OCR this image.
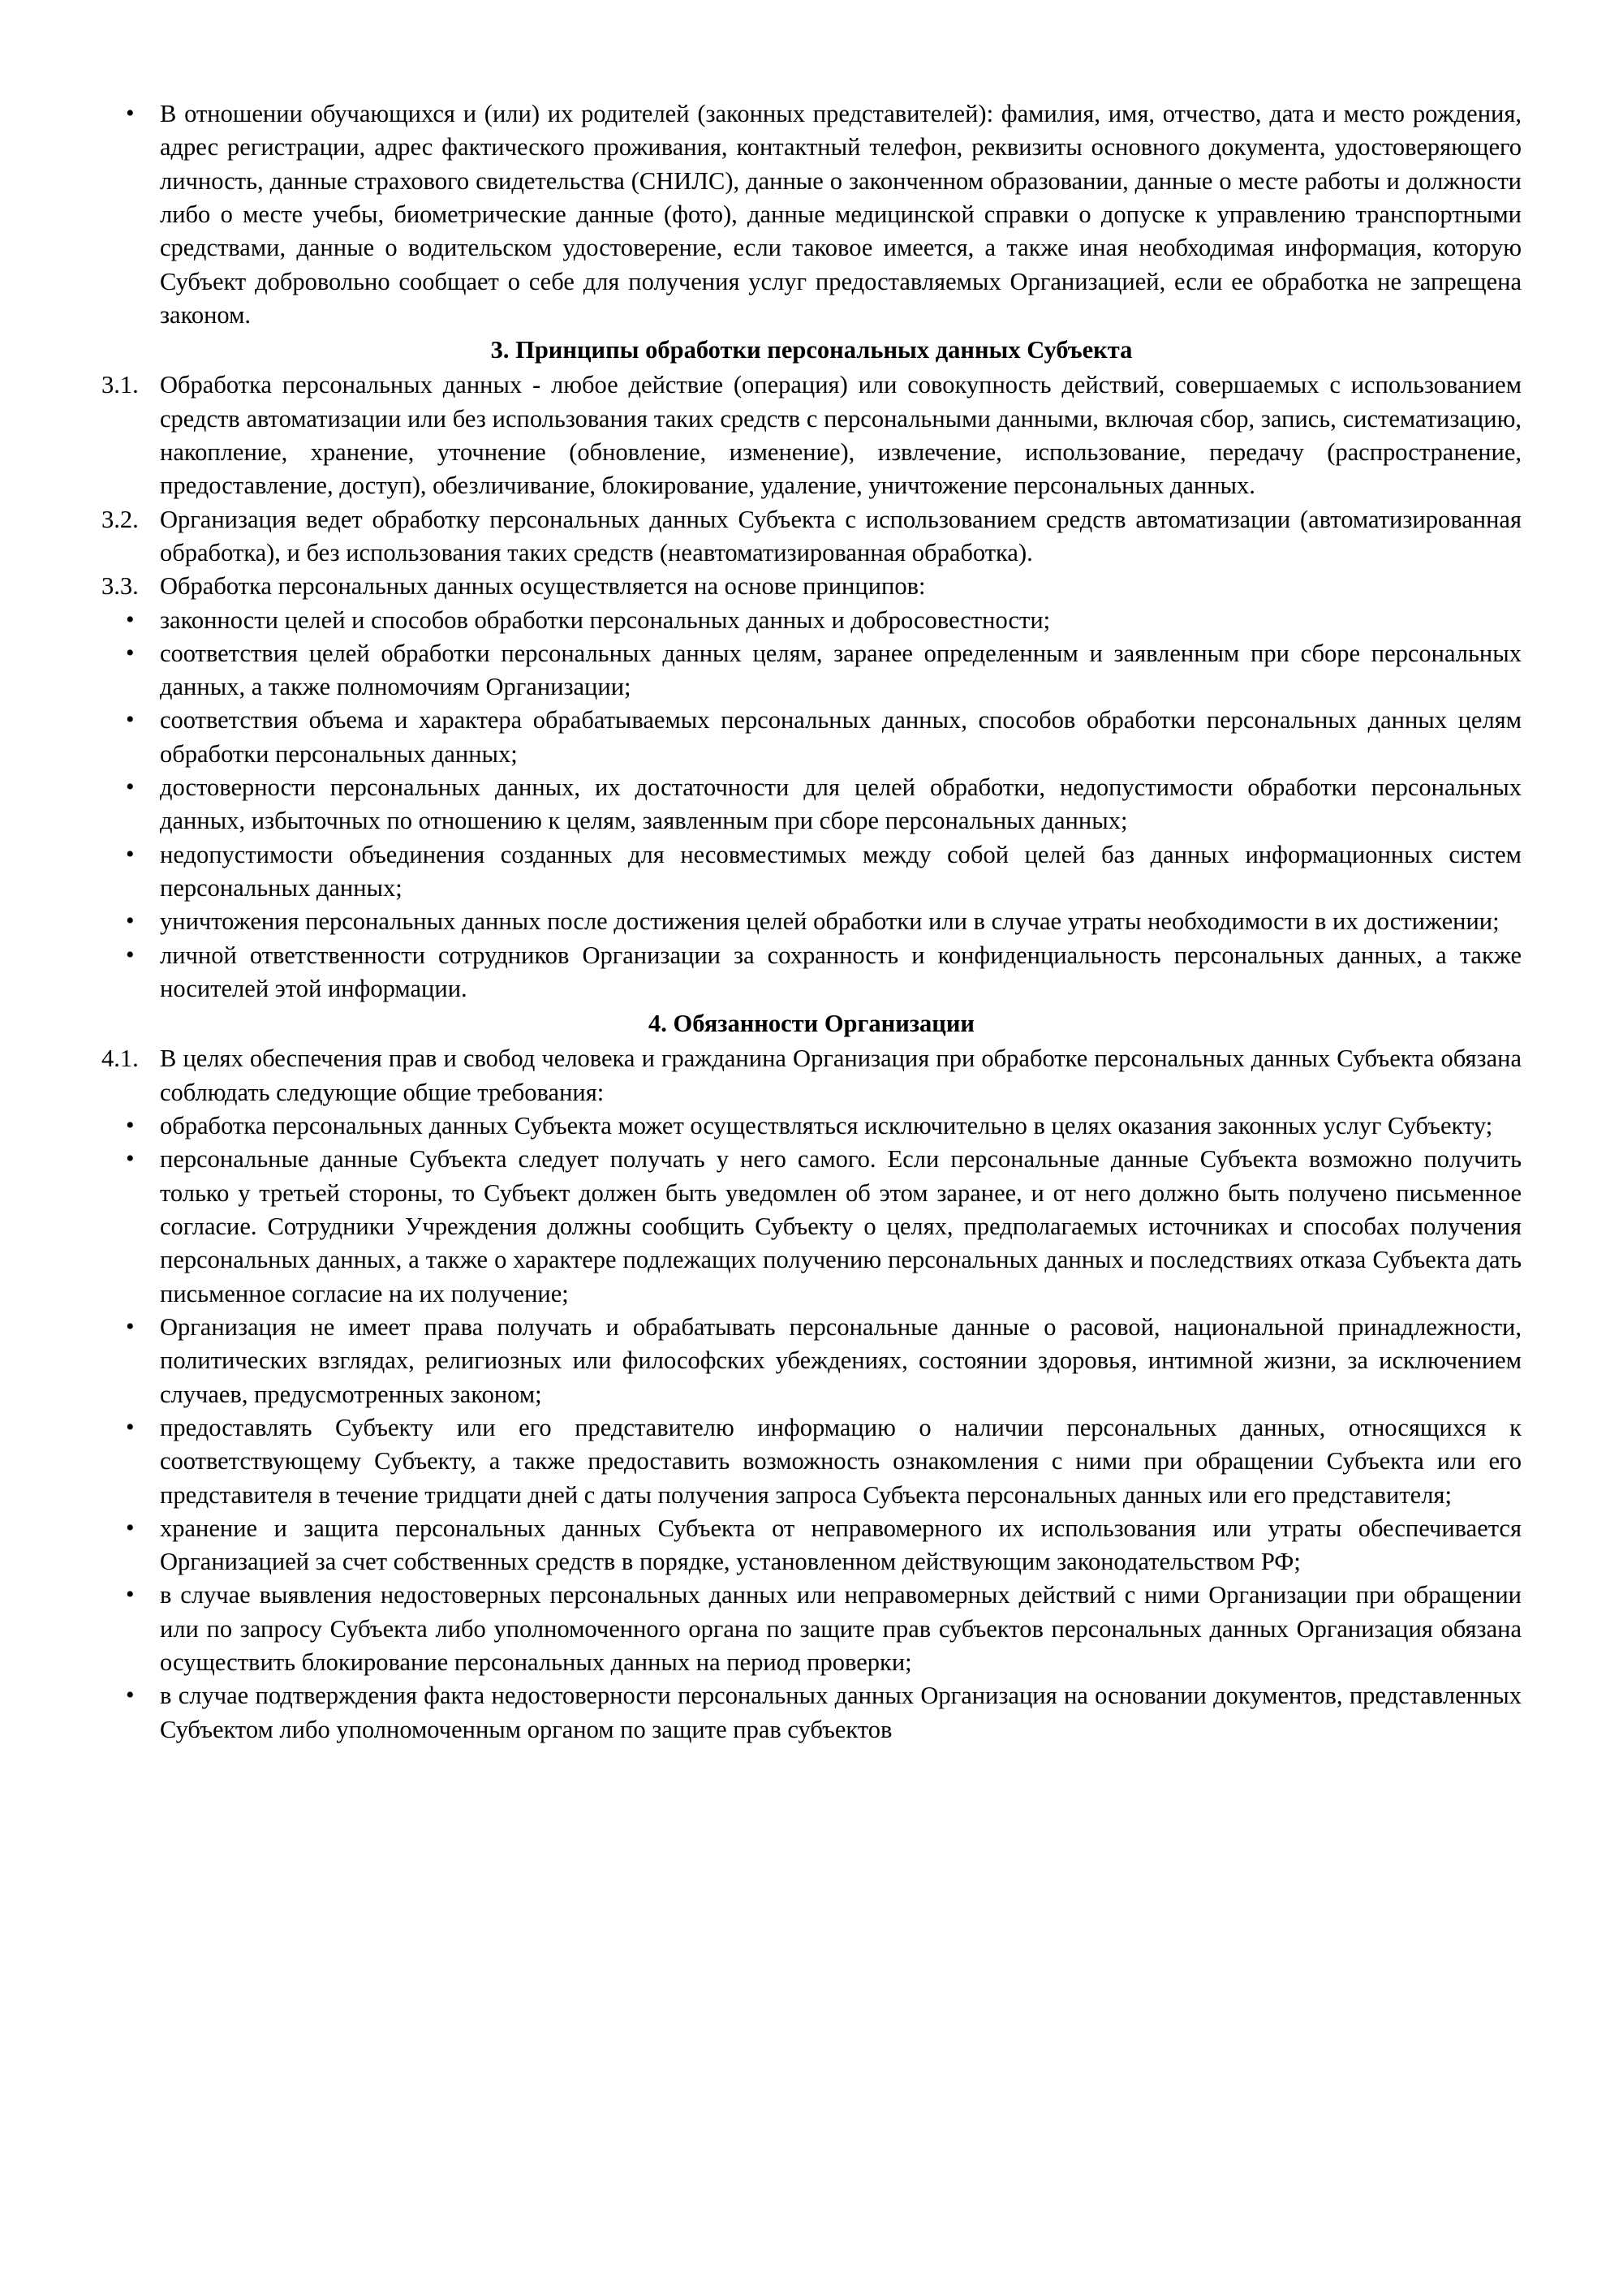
•	В отношении обучающихся и (или) их родителей (законных представителей): фамилия, имя, отчество, дата и место рождения, адрес регистрации, адрес фактического проживания, контактный телефон, реквизиты основного документа, удостоверяющего личность, данные страхового свидетельства (СНИЛС), данные о законченном образовании, данные о месте работы и должности либо о месте учебы, биометрические данные (фото), данные медицинской справки о допуске к управлению транспортными средствами, данные о водительском удостоверение, если таковое имеется, а также иная необходимая информация, которую Субъект добровольно сообщает о себе для получения услуг предоставляемых Организацией, если ее обработка не запрещена законом.
3. Принципы обработки персональных данных Субъекта
3.1. Обработка персональных данных - любое действие (операция) или совокупность действий, совершаемых с использованием средств автоматизации или без использования таких средств с персональными данными, включая сбор, запись, систематизацию, накопление, хранение, уточнение (обновление, изменение), извлечение, использование, передачу (распространение, предоставление, доступ), обезличивание, блокирование, удаление, уничтожение персональных данных.
3.2. Организация ведет обработку персональных данных Субъекта с использованием средств автоматизации (автоматизированная обработка), и без использования таких средств (неавтоматизированная обработка).
3.3. Обработка персональных данных осуществляется на основе принципов:
•	законности целей и способов обработки персональных данных и добросовестности;
•	соответствия целей обработки персональных данных целям, заранее определенным и заявленным при сборе персональных данных, а также полномочиям Организации;
•	соответствия объема и характера обрабатываемых персональных данных, способов обработки персональных данных целям обработки персональных данных;
•	достоверности персональных данных, их достаточности для целей обработки, недопустимости обработки персональных данных, избыточных по отношению к целям, заявленным при сборе персональных данных;
•	недопустимости объединения созданных для несовместимых между собой целей баз данных информационных систем персональных данных;
•	уничтожения персональных данных после достижения целей обработки или в случае утраты необходимости в их достижении;
•	личной ответственности сотрудников Организации за сохранность и конфиденциальность персональных данных, а также носителей этой информации.
4. Обязанности Организации
4.1. В целях обеспечения прав и свобод человека и гражданина Организация при обработке персональных данных Субъекта обязана соблюдать следующие общие требования:
•	обработка персональных данных Субъекта может осуществляться исключительно в целях оказания законных услуг Субъекту;
•	персональные данные Субъекта следует получать у него самого. Если персональные данные Субъекта возможно получить только у третьей стороны, то Субъект должен быть уведомлен об этом заранее, и от него должно быть получено письменное согласие. Сотрудники Учреждения должны сообщить Субъекту о целях, предполагаемых источниках и способах получения персональных данных, а также о характере подлежащих получению персональных данных и последствиях отказа Субъекта дать письменное согласие на их получение;
•	Организация не имеет права получать и обрабатывать персональные данные о расовой, национальной принадлежности, политических взглядах, религиозных или философских убеждениях, состоянии здоровья, интимной жизни, за исключением случаев, предусмотренных законом;
•	предоставлять Субъекту или его представителю информацию о наличии персональных данных, относящихся к соответствующему Субъекту, а также предоставить возможность ознакомления с ними при обращении Субъекта или его представителя в течение тридцати дней с даты получения запроса Субъекта персональных данных или его представителя;
•	хранение и защита персональных данных Субъекта от неправомерного их использования или утраты обеспечивается Организацией за счет собственных средств в порядке, установленном действующим законодательством РФ;
•	в случае выявления недостоверных персональных данных или неправомерных действий с ними Организации при обращении или по запросу Субъекта либо уполномоченного органа по защите прав субъектов персональных данных Организация обязана осуществить блокирование персональных данных на период проверки;
•	в случае подтверждения факта недостоверности персональных данных Организация на основании документов, представленных Субъектом либо уполномоченным органом по защите прав субъектов
